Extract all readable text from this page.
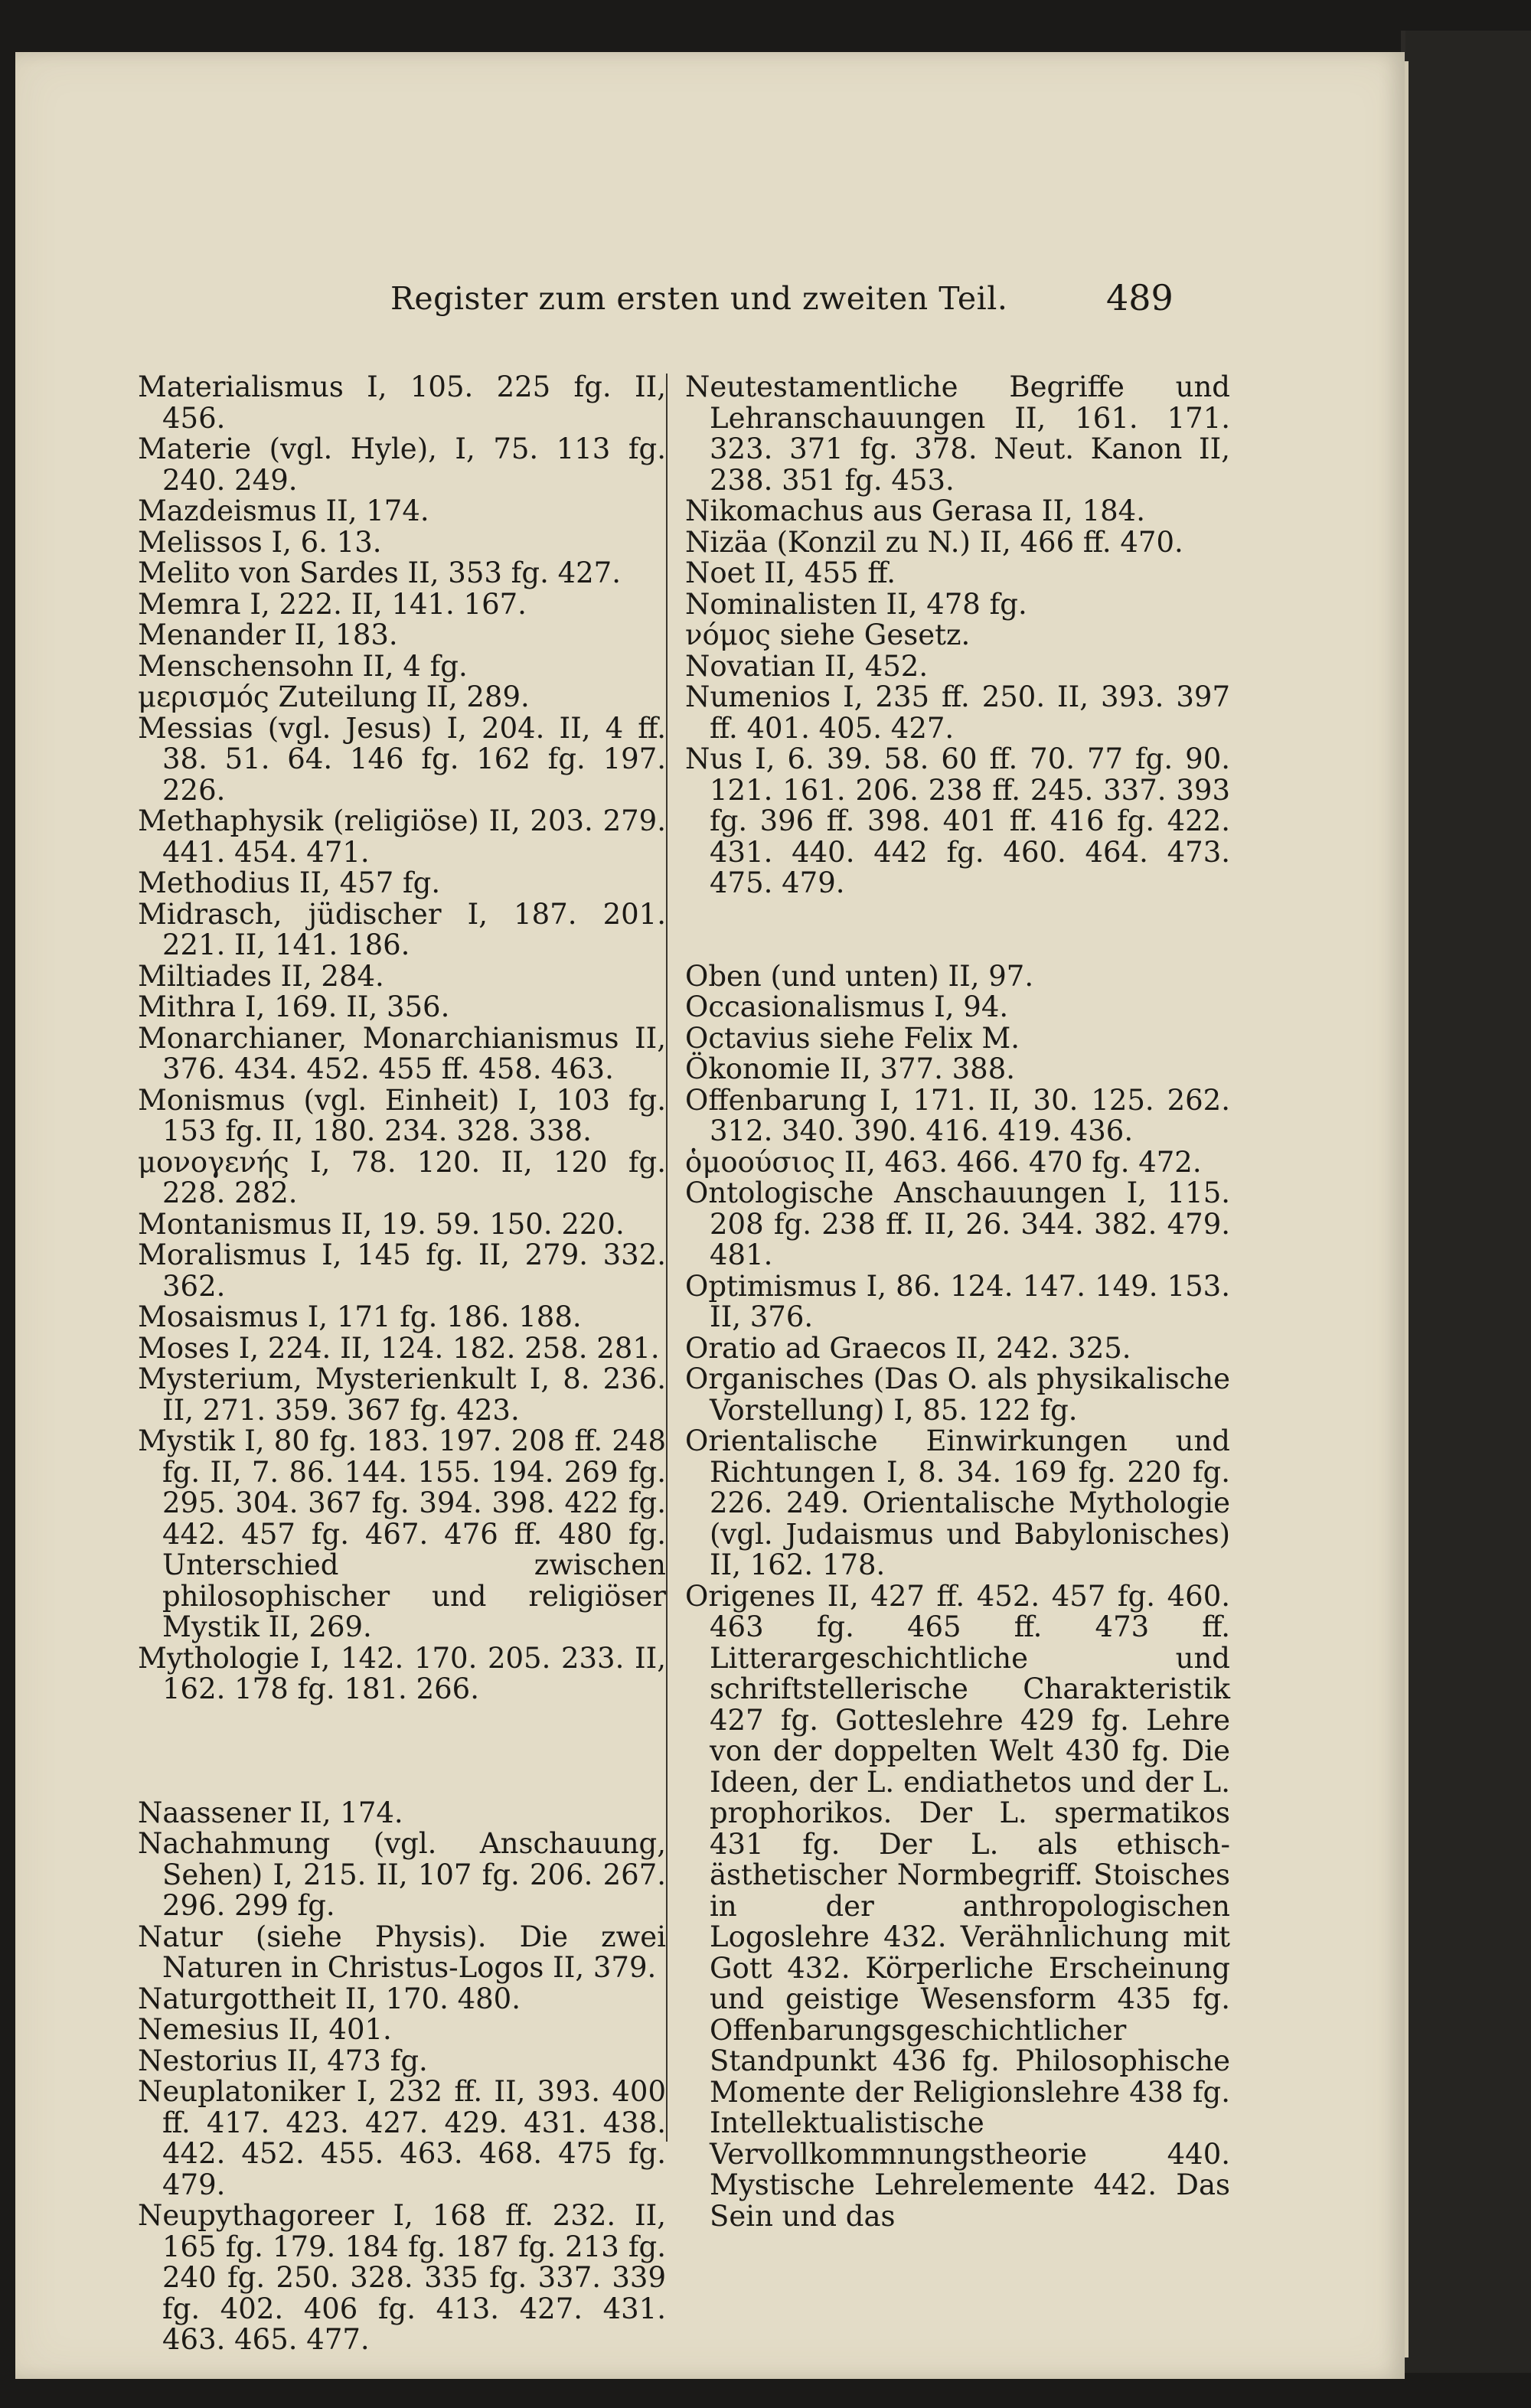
Register zum ersten und zweiten Teil.	489
Materialismus I, 105. 225 fg. II, 456.
Materie (vgl. Hyle), I, 75. 113 fg. 240. 249.
Mazdeismus II, 174.
Melissos I, 6. 13.
Melito von Sardes II, 353 fg. 427.
Memra I, 222. II, 141. 167.
Menander II, 183.
Menschensohn II, 4 fg.
μερισμός Zuteilung II, 289.
Messias (vgl. Jesus) I, 204. II, 4 ff. 38. 51. 64. 146 fg. 162 fg. 197. 226.
Methaphysik (religiöse) II, 203. 279. 441. 454. 471.
Methodius II, 457 fg.
Midrasch, jüdischer I, 187. 201. 221. II, 141. 186.
Miltiades II, 284.
Mithra I, 169. II, 356.
Monarchianer, Monarchianismus II, 376. 434. 452. 455 ff. 458. 463.
Monismus (vgl. Einheit) I, 103 fg. 153 fg. II, 180. 234. 328. 338.
μονογενής I, 78. 120. II, 120 fg. 228. 282.
Montanismus II, 19. 59. 150. 220.
Moralismus I, 145 fg. II, 279. 332. 362.
Mosaismus I, 171 fg. 186. 188.
Moses I, 224. II, 124. 182. 258. 281.
Mysterium, Mysterienkult I, 8. 236. II, 271. 359. 367 fg. 423.
Mystik I, 80 fg. 183. 197. 208 ff. 248 fg. II, 7. 86. 144. 155. 194. 269 fg. 295. 304. 367 fg. 394. 398. 422 fg. 442. 457 fg. 467. 476 ff. 480 fg. Unterschied zwischen philosophischer und religiöser Mystik II, 269.
Mythologie I, 142. 170. 205. 233. II, 162. 178 fg. 181. 266.
Naassener II, 174.
Nachahmung (vgl. Anschauung, Sehen) I, 215. II, 107 fg. 206. 267. 296. 299 fg.
Natur (siehe Physis). Die zwei Naturen in Christus-Logos II, 379.
Naturgottheit II, 170. 480.
Nemesius II, 401.
Nestorius II, 473 fg.
Neuplatoniker I, 232 ff. II, 393. 400 ff. 417. 423. 427. 429. 431. 438. 442. 452. 455. 463. 468. 475 fg. 479.
Neupythagoreer I, 168 ff. 232. II, 165 fg. 179. 184 fg. 187 fg. 213 fg. 240 fg. 250. 328. 335 fg. 337. 339 fg. 402. 406 fg. 413. 427. 431. 463. 465. 477.
Neutestamentliche Begriffe und Lehranschauungen II, 161. 171. 323. 371 fg. 378. Neut. Kanon II, 238. 351 fg. 453.
Nikomachus aus Gerasa II, 184.
Nizäa (Konzil zu N.) II, 466 ff. 470.
Noet II, 455 ff.
Nominalisten II, 478 fg.
νόμος siehe Gesetz.
Novatian II, 452.
Numenios I, 235 ff. 250. II, 393. 397 ff. 401. 405. 427.
Nus I, 6. 39. 58. 60 ff. 70. 77 fg. 90. 121. 161. 206. 238 ff. 245. 337. 393 fg. 396 ff. 398. 401 ff. 416 fg. 422. 431. 440. 442 fg. 460. 464. 473. 475. 479.
Oben (und unten) II, 97.
Occasionalismus I, 94.
Octavius siehe Felix M.
Ökonomie II, 377. 388.
Offenbarung I, 171. II, 30. 125. 262. 312. 340. 390. 416. 419. 436.
ὁμοούσιος II, 463. 466. 470 fg. 472.
Ontologische Anschauungen I, 115. 208 fg. 238 ff. II, 26. 344. 382. 479. 481.
Optimismus I, 86. 124. 147. 149. 153. II, 376.
Oratio ad Graecos II, 242. 325.
Organisches (Das O. als physikalische Vorstellung) I, 85. 122 fg.
Orientalische Einwirkungen und Richtungen I, 8. 34. 169 fg. 220 fg. 226. 249. Orientalische Mythologie (vgl. Judaismus und Babylonisches) II, 162. 178.
Origenes II, 427 ff. 452. 457 fg. 460. 463 fg. 465 ff. 473 ff. Litterargeschichtliche und schriftstellerische Charakteristik 427 fg. Gotteslehre 429 fg. Lehre von der doppelten Welt 430 fg. Die Ideen, der L. endiathetos und der L. prophorikos. Der L. spermatikos 431 fg. Der L. als ethisch-ästhetischer Normbegriff. Stoisches in der anthropologischen Logoslehre 432. Verähnlichung mit Gott 432. Körperliche Erscheinung und geistige Wesensform 435 fg. Offenbarungsgeschichtlicher Standpunkt 436 fg. Philosophische Momente der Religionslehre 438 fg. Intellektualistische Vervollkommnungstheorie 440. Mystische Lehrelemente 442. Das Sein und das
